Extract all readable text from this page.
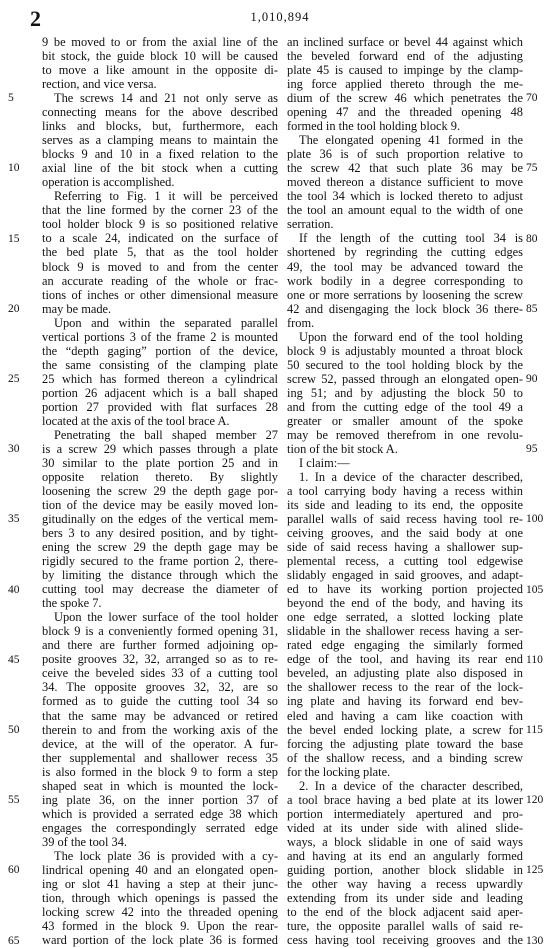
2	1,010,894
9 be moved to or from the axial line of the
bit stock, the guide block 10 will be caused
to move a like amount in the opposite di-
rection, and vice versa.
The screws 14 and 21 not only serve as
connecting means for the above described
links and blocks, but, furthermore, each
serves as a clamping means to maintain the
blocks 9 and 10 in a fixed relation to the
axial line of the bit stock when a cutting
operation is accomplished.
Referring to Fig. 1 it will be perceived
that the line formed by the corner 23 of the
tool holder block 9 is so positioned relative
to a scale 24, indicated on the surface of
the bed plate 5, that as the tool holder
block 9 is moved to and from the center
an accurate reading of the whole or frac-
tions of inches or other dimensional measure
may be made.
Upon and within the separated parallel
vertical portions 3 of the frame 2 is mounted
the “depth gaging” portion of the device,
the same consisting of the clamping plate
25 which has formed thereon a cylindrical
portion 26 adjacent which is a ball shaped
portion 27 provided with flat surfaces 28
located at the axis of the tool brace A.
Penetrating the ball shaped member 27
is a screw 29 which passes through a plate
30 similar to the plate portion 25 and in
opposite relation thereto. By slightly
loosening the screw 29 the depth gage por-
tion of the device may be easily moved lon-
gitudinally on the edges of the vertical mem-
bers 3 to any desired position, and by tight-
ening the screw 29 the depth gage may be
rigidly secured to the frame portion 2, there-
by limiting the distance through which the
cutting tool may decrease the diameter of
the spoke 7.
Upon the lower surface of the tool holder
block 9 is a conveniently formed opening 31,
and there are further formed adjoining op-
posite grooves 32, 32, arranged so as to re-
ceive the beveled sides 33 of a cutting tool
34. The opposite grooves 32, 32, are so
formed as to guide the cutting tool 34 so
that the same may be advanced or retired
therein to and from the working axis of the
device, at the will of the operator. A fur-
ther supplemental and shallower recess 35
is also formed in the block 9 to form a step
shaped seat in which is mounted the lock-
ing plate 36, on the inner portion 37 of
which is provided a serrated edge 38 which
engages the correspondingly serrated edge
39 of the tool 34.
The lock plate 36 is provided with a cy-
lindrical opening 40 and an elongated open-
ing or slot 41 having a step at their junc-
tion, through which openings is passed the
locking screw 42 into the threaded opening
43 formed in the block 9. Upon the rear-
ward portion of the lock plate 36 is formed
an inclined surface or bevel 44 against which
the beveled forward end of the adjusting
plate 45 is caused to impinge by the clamp-
ing force applied thereto through the me-
dium of the screw 46 which penetrates the
opening 47 and the threaded opening 48
formed in the tool holding block 9.
The elongated opening 41 formed in the
plate 36 is of such proportion relative to
the screw 42 that such plate 36 may be
moved thereon a distance sufficient to move
the tool 34 which is locked thereto to adjust
the tool an amount equal to the width of one
serration.
If the length of the cutting tool 34 is
shortened by regrinding the cutting edges
49, the tool may be advanced toward the
work bodily in a degree corresponding to
one or more serrations by loosening the screw
42 and disengaging the lock block 36 there-
from.
Upon the forward end of the tool holding
block 9 is adjustably mounted a throat block
50 secured to the tool holding block by the
screw 52, passed through an elongated open-
ing 51; and by adjusting the block 50 to
and from the cutting edge of the tool 49 a
greater or smaller amount of the spoke
may be removed therefrom in one revolu-
tion of the bit stock A.
I claim:—
1. In a device of the character described,
a tool carrying body having a recess within
its side and leading to its end, the opposite
parallel walls of said recess having tool re-
ceiving grooves, and the said body at one
side of said recess having a shallower sup-
plemental recess, a cutting tool edgewise
slidably engaged in said grooves, and adapt-
ed to have its working portion projected
beyond the end of the body, and having its
one edge serrated, a slotted locking plate
slidable in the shallower recess having a ser-
rated edge engaging the similarly formed
edge of the tool, and having its rear end
beveled, an adjusting plate also disposed in
the shallower recess to the rear of the lock-
ing plate and having its forward end bev-
eled and having a cam like coaction with
the bevel ended locking plate, a screw for
forcing the adjusting plate toward the base
of the shallow recess, and a binding screw
for the locking plate.
2. In a device of the character described,
a tool brace having a bed plate at its lower
portion intermediately apertured and pro-
vided at its under side with alined slide-
ways, a block slidable in one of said ways
and having at its end an angularly formed
guiding portion, another block slidable in
the other way having a recess upwardly
extending from its under side and leading
to the end of the block adjacent said aper-
ture, the opposite parallel walls of said re-
cess having tool receiving grooves and the
5
10
15
20
25
30
35
40
45
50
55
60
65
70
75
80
85
90
95
100
105
110
115
120
125
130
